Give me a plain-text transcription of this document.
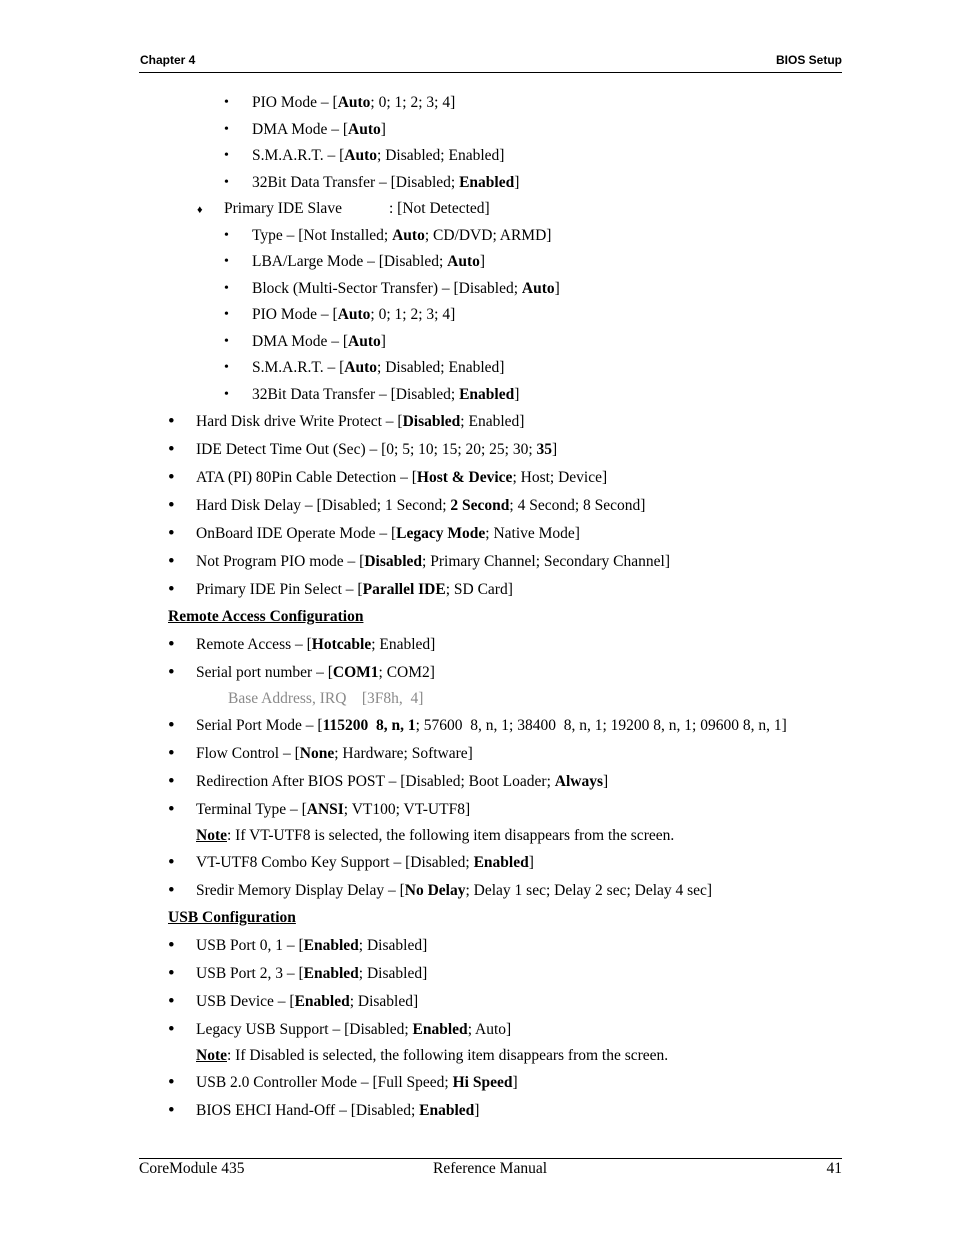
Chapter 4	BIOS Setup
• PIO Mode – [Auto; 0; 1; 2; 3; 4]
• DMA Mode – [Auto]
• S.M.A.R.T. – [Auto; Disabled; Enabled]
• 32Bit Data Transfer – [Disabled; Enabled]
♦ Primary IDE Slave	: [Not Detected]
• Type – [Not Installed; Auto; CD/DVD; ARMD]
• LBA/Large Mode – [Disabled; Auto]
• Block (Multi-Sector Transfer) – [Disabled; Auto]
• PIO Mode – [Auto; 0; 1; 2; 3; 4]
• DMA Mode – [Auto]
• S.M.A.R.T. – [Auto; Disabled; Enabled]
• 32Bit Data Transfer – [Disabled; Enabled]
• Hard Disk drive Write Protect – [Disabled; Enabled]
• IDE Detect Time Out (Sec) – [0; 5; 10; 15; 20; 25; 30; 35]
• ATA (PI) 80Pin Cable Detection – [Host & Device; Host; Device]
• Hard Disk Delay – [Disabled; 1 Second; 2 Second; 4 Second; 8 Second]
• OnBoard IDE Operate Mode – [Legacy Mode; Native Mode]
• Not Program PIO mode – [Disabled; Primary Channel; Secondary Channel]
• Primary IDE Pin Select – [Parallel IDE; SD Card]
Remote Access Configuration
• Remote Access – [Hotcable; Enabled]
• Serial port number – [COM1; COM2]
Base Address, IRQ    [3F8h,  4]
• Serial Port Mode – [115200  8, n, 1; 57600  8, n, 1; 38400  8, n, 1; 19200 8, n, 1; 09600 8, n, 1]
• Flow Control – [None; Hardware; Software]
• Redirection After BIOS POST – [Disabled; Boot Loader; Always]
• Terminal Type – [ANSI; VT100; VT-UTF8]
Note: If VT-UTF8 is selected, the following item disappears from the screen.
• VT-UTF8 Combo Key Support – [Disabled; Enabled]
• Sredir Memory Display Delay – [No Delay; Delay 1 sec; Delay 2 sec; Delay 4 sec]
USB Configuration
• USB Port 0, 1 – [Enabled; Disabled]
• USB Port 2, 3 – [Enabled; Disabled]
• USB Device – [Enabled; Disabled]
• Legacy USB Support – [Disabled; Enabled; Auto]
Note: If Disabled is selected, the following item disappears from the screen.
• USB 2.0 Controller Mode – [Full Speed; Hi Speed]
• BIOS EHCI Hand-Off – [Disabled; Enabled]
CoreModule 435	Reference Manual	41
